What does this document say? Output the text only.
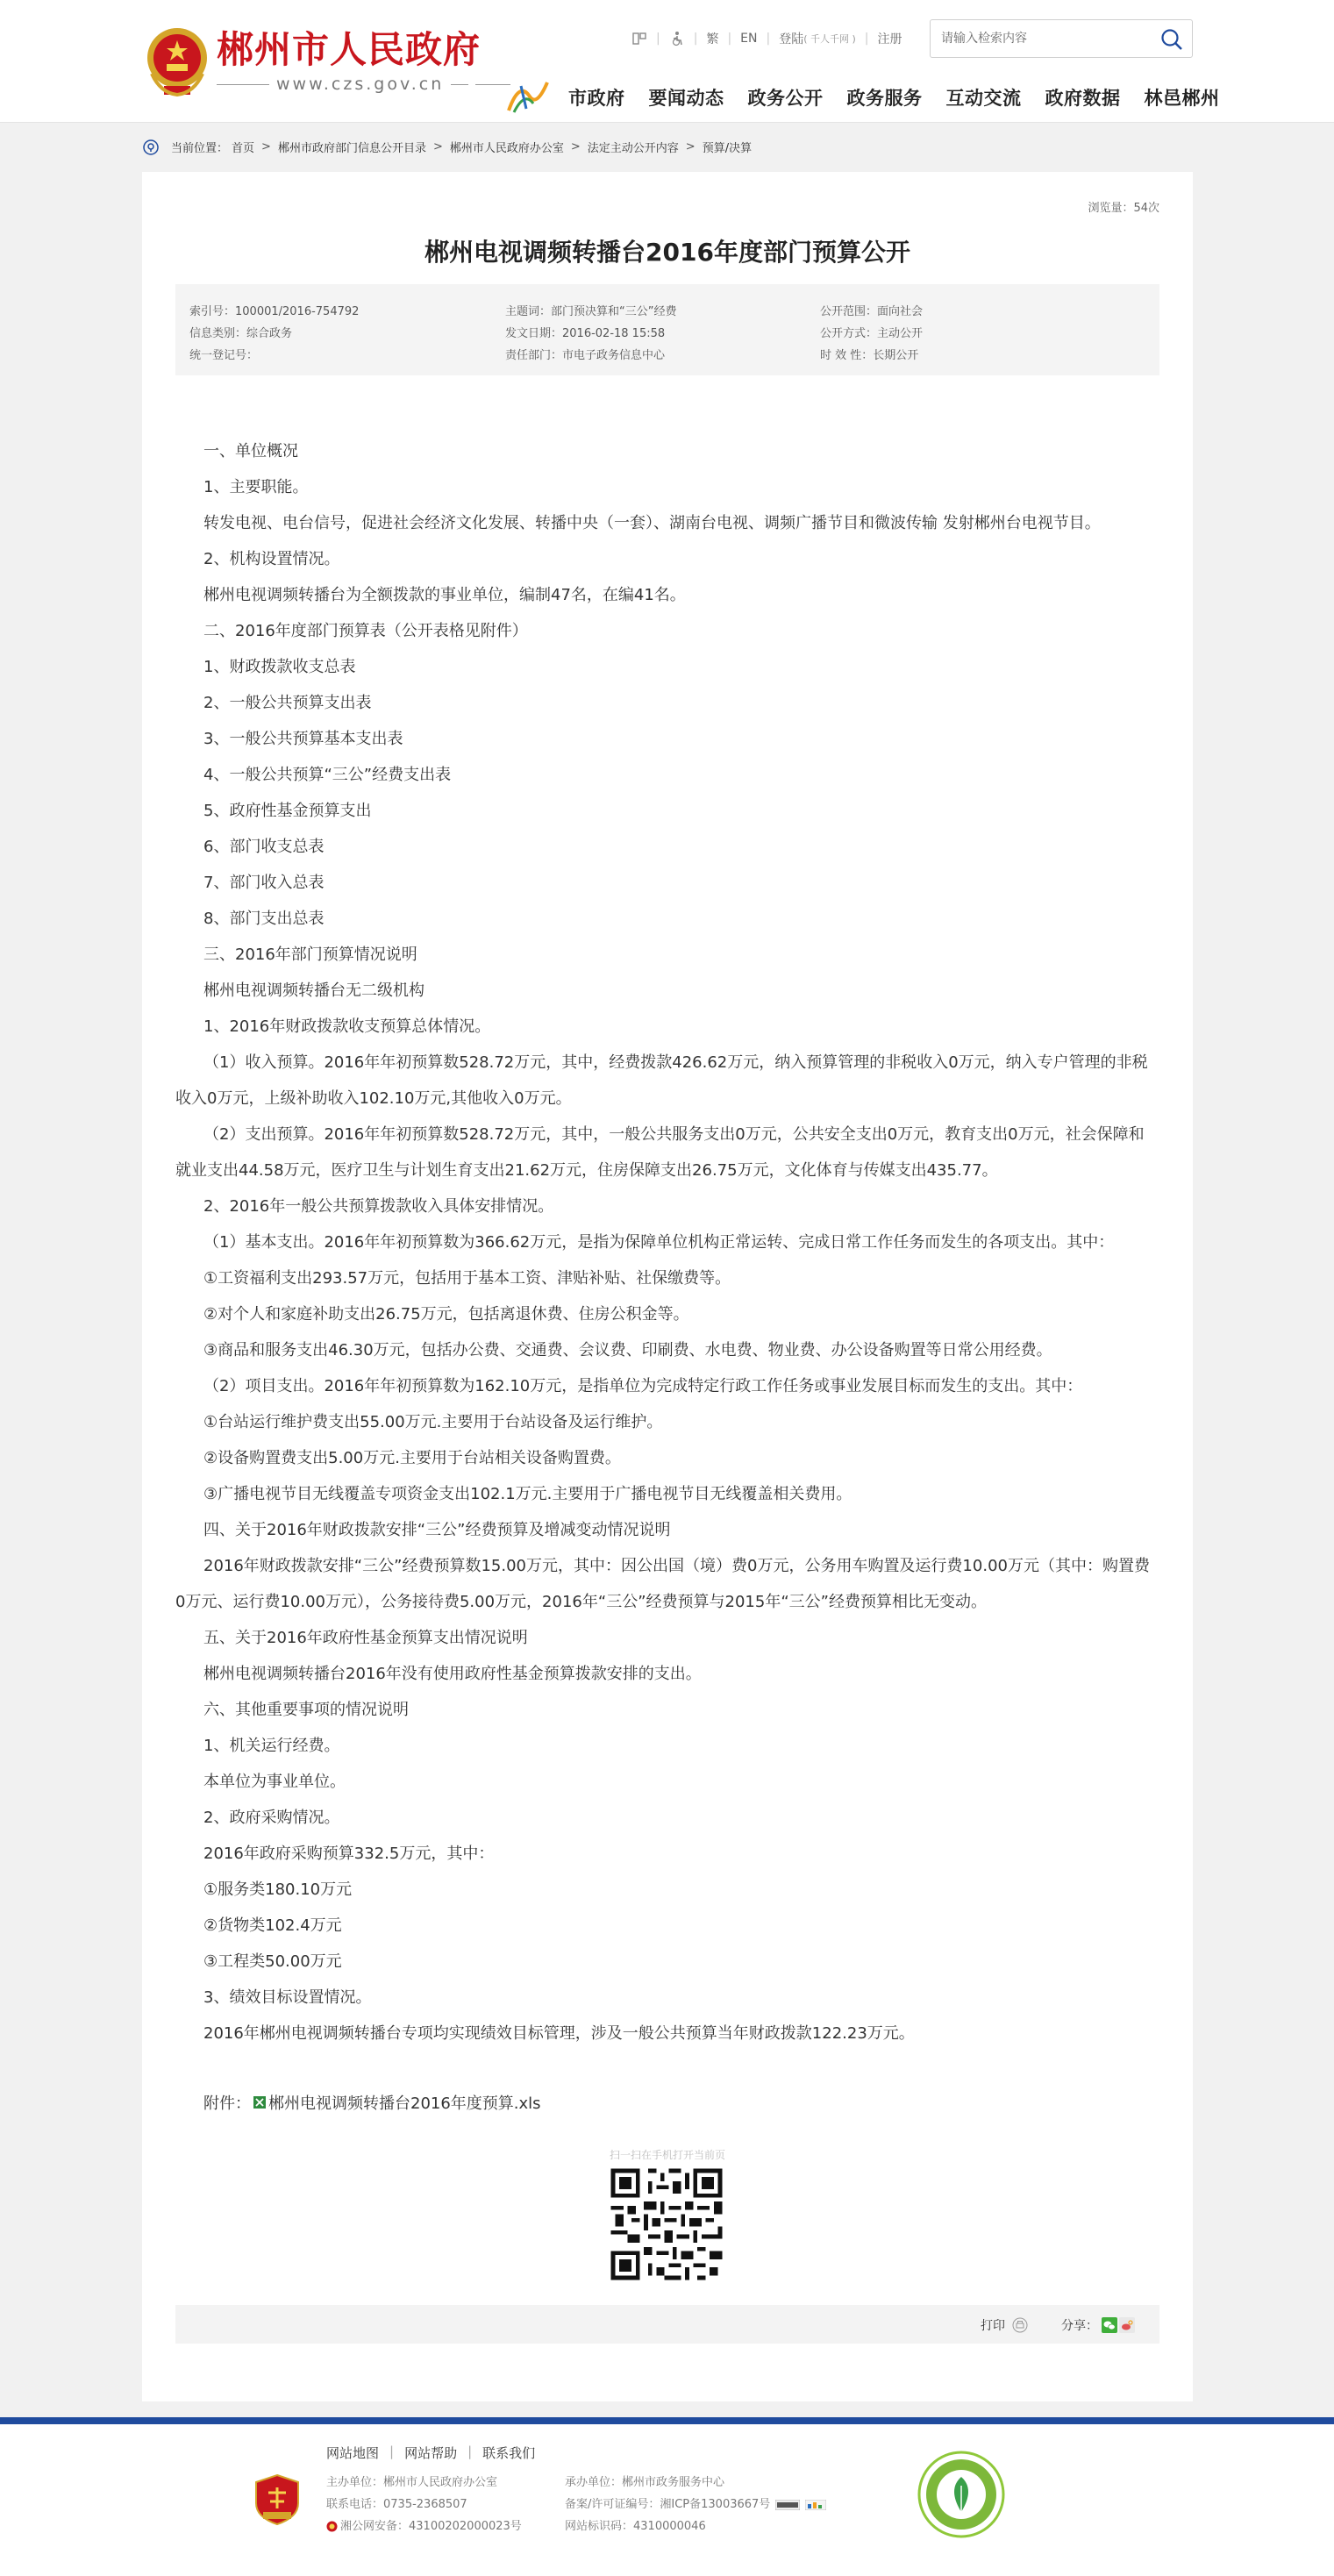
郴州市人民政府
www.czs.gov.cn
|	| 繁 | EN | 登陆 ( 千人千网 ) | 注册
请输入检索内容
市政府 要闻动态 政务公开 政务服务 互动交流 政府数据 林邑郴州
当前位置： 首页 > 郴州市政府部门信息公开目录 > 郴州市人民政府办公室 > 法定主动公开内容 > 预算/决算
浏览量：54次
郴州电视调频转播台2016年度部门预算公开
索引号：100001/2016-754792	主题词：部门预决算和“三公”经费	公开范围：面向社会
信息类别：综合政务	发文日期：2016-02-18 15:58	公开方式：主动公开
统一登记号：	责任部门：市电子政务信息中心	时 效 性：长期公开

一、单位概况

1、主要职能。

转发电视、电台信号，促进社会经济文化发展、转播中央（一套）、湖南台电视、调频广播节目和微波传输 发射郴州台电视节目。

2、机构设置情况。

郴州电视调频转播台为全额拨款的事业单位，编制47名，在编41名。

二、2016年度部门预算表（公开表格见附件）

1、财政拨款收支总表

2、一般公共预算支出表

3、一般公共预算基本支出表

4、一般公共预算“三公”经费支出表

5、政府性基金预算支出

6、部门收支总表

7、部门收入总表

8、部门支出总表

三、2016年部门预算情况说明

郴州电视调频转播台无二级机构

1、2016年财政拨款收支预算总体情况。

（1）收入预算。2016年年初预算数528.72万元，其中，经费拨款426.62万元，纳入预算管理的非税收入0万元，纳入专户管理的非税收入0万元，上级补助收入102.10万元,其他收入0万元。

（2）支出预算。2016年年初预算数528.72万元，其中，一般公共服务支出0万元，公共安全支出0万元，教育支出0万元，社会保障和就业支出44.58万元，医疗卫生与计划生育支出21.62万元，住房保障支出26.75万元，文化体育与传媒支出435.77。

2、2016年一般公共预算拨款收入具体安排情况。

（1）基本支出。2016年年初预算数为366.62万元，是指为保障单位机构正常运转、完成日常工作任务而发生的各项支出。其中：

①工资福利支出293.57万元，包括用于基本工资、津贴补贴、社保缴费等。

②对个人和家庭补助支出26.75万元，包括离退休费、住房公积金等。

③商品和服务支出46.30万元，包括办公费、交通费、会议费、印刷费、水电费、物业费、办公设备购置等日常公用经费。

（2）项目支出。2016年年初预算数为162.10万元，是指单位为完成特定行政工作任务或事业发展目标而发生的支出。其中：

①台站运行维护费支出55.00万元.主要用于台站设备及运行维护。

②设备购置费支出5.00万元.主要用于台站相关设备购置费。

③广播电视节目无线覆盖专项资金支出102.1万元.主要用于广播电视节目无线覆盖相关费用。

四、关于2016年财政拨款安排“三公”经费预算及增减变动情况说明

2016年财政拨款安排“三公”经费预算数15.00万元，其中：因公出国（境）费0万元，公务用车购置及运行费10.00万元（其中：购置费0万元、运行费10.00万元），公务接待费5.00万元，2016年“三公”经费预算与2015年“三公”经费预算相比无变动。

五、关于2016年政府性基金预算支出情况说明

郴州电视调频转播台2016年没有使用政府性基金预算拨款安排的支出。

六、其他重要事项的情况说明

1、机关运行经费。

本单位为事业单位。

2、政府采购情况。

2016年政府采购预算332.5万元，其中：

①服务类180.10万元

②货物类102.4万元

③工程类50.00万元

3、绩效目标设置情况。

2016年郴州电视调频转播台专项均实现绩效目标管理，涉及一般公共预算当年财政拨款122.23万元。

附件： 郴州电视调频转播台2016年度预算.xls
扫一扫在手机打开当前页
打印	分享：
网站地图 | 网站帮助 | 联系我们
主办单位：郴州市人民政府办公室
联系电话：0735-2368507
湘公网安备：43100202000023号
承办单位：郴州市政务服务中心
备案/许可证编号：湘ICP备13003667号
网站标识码：4310000046
